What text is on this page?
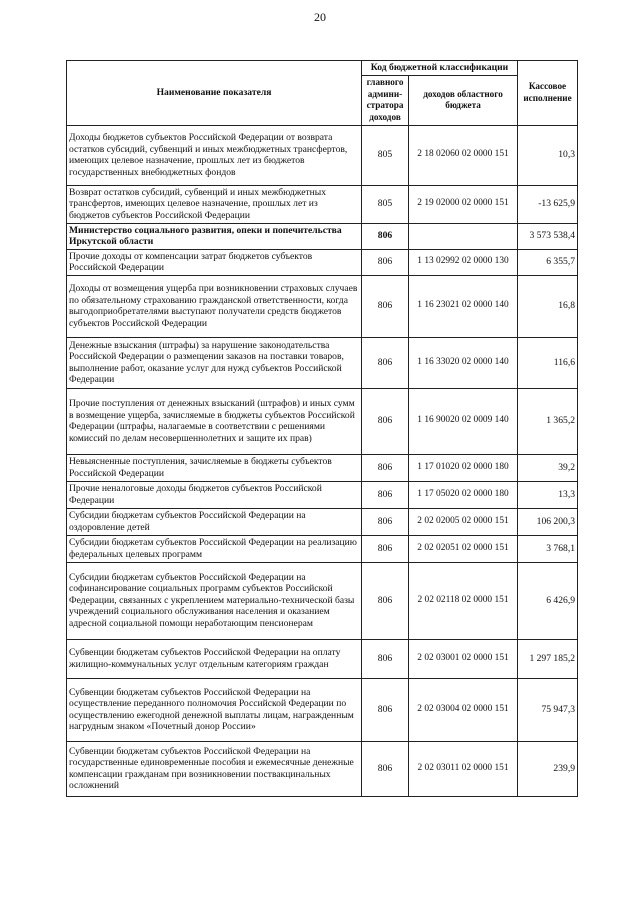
20
Наименование показателя	Код бюджетной классификации		Кассовое исполнение
	главного админи-стратора доходов	доходов областного бюджета	
Доходы бюджетов субъектов Российской Федерации от возврата остатков субсидий, субвенций и иных межбюджетных трансфертов, имеющих целевое назначение, прошлых лет из бюджетов государственных внебюджетных фондов	805	2 18 02060 02 0000 151	10,3
Возврат остатков субсидий, субвенций и иных межбюджетных трансфертов, имеющих целевое назначение, прошлых лет из бюджетов субъектов Российской Федерации	805	2 19 02000 02 0000 151	-13 625,9
Министерство социального развития, опеки и попечительства Иркутской области	806		3 573 538,4
Прочие доходы от компенсации затрат бюджетов субъектов Российской Федерации	806	1 13 02992 02 0000 130	6 355,7
Доходы от возмещения ущерба при возникновении страховых случаев по обязательному страхованию гражданской ответственности, когда выгодоприобретателями выступают получатели средств бюджетов субъектов Российской Федерации	806	1 16 23021 02 0000 140	16,8
Денежные взыскания (штрафы) за нарушение законодательства Российской Федерации о размещении заказов на поставки товаров, выполнение работ, оказание услуг для нужд субъектов Российской Федерации	806	1 16 33020 02 0000 140	116,6
Прочие поступления от денежных взысканий (штрафов) и иных сумм в возмещение ущерба, зачисляемые в бюджеты субъектов Российской Федерации (штрафы, налагаемые в соответствии с решениями комиссий по делам несовершеннолетних и защите их прав)	806	1 16 90020 02 0009 140	1 365,2
Невыясненные поступления, зачисляемые в бюджеты субъектов Российской Федерации	806	1 17 01020 02 0000 180	39,2
Прочие неналоговые доходы бюджетов субъектов Российской Федерации	806	1 17 05020 02 0000 180	13,3
Субсидии бюджетам субъектов Российской Федерации на оздоровление детей	806	2 02 02005 02 0000 151	106 200,3
Субсидии бюджетам субъектов Российской Федерации на реализацию федеральных целевых программ	806	2 02 02051 02 0000 151	3 768,1
Субсидии бюджетам субъектов Российской Федерации на софинансирование социальных программ субъектов Российской Федерации, связанных с укреплением материально-технической базы учреждений социального обслуживания населения и оказанием адресной социальной помощи неработающим пенсионерам	806	2 02 02118 02 0000 151	6 426,9
Субвенции бюджетам субъектов Российской Федерации на оплату жилищно-коммунальных услуг отдельным категориям граждан	806	2 02 03001 02 0000 151	1 297 185,2
Субвенции бюджетам субъектов Российской Федерации на осуществление переданного полномочия Российской Федерации по осуществлению ежегодной денежной выплаты лицам, награжденным нагрудным знаком «Почетный донор России»	806	2 02 03004 02 0000 151	75 947,3
Субвенции бюджетам субъектов Российской Федерации на государственные единовременные пособия и ежемесячные денежные компенсации гражданам при возникновении поствакцинальных осложнений	806	2 02 03011 02 0000 151	239,9
